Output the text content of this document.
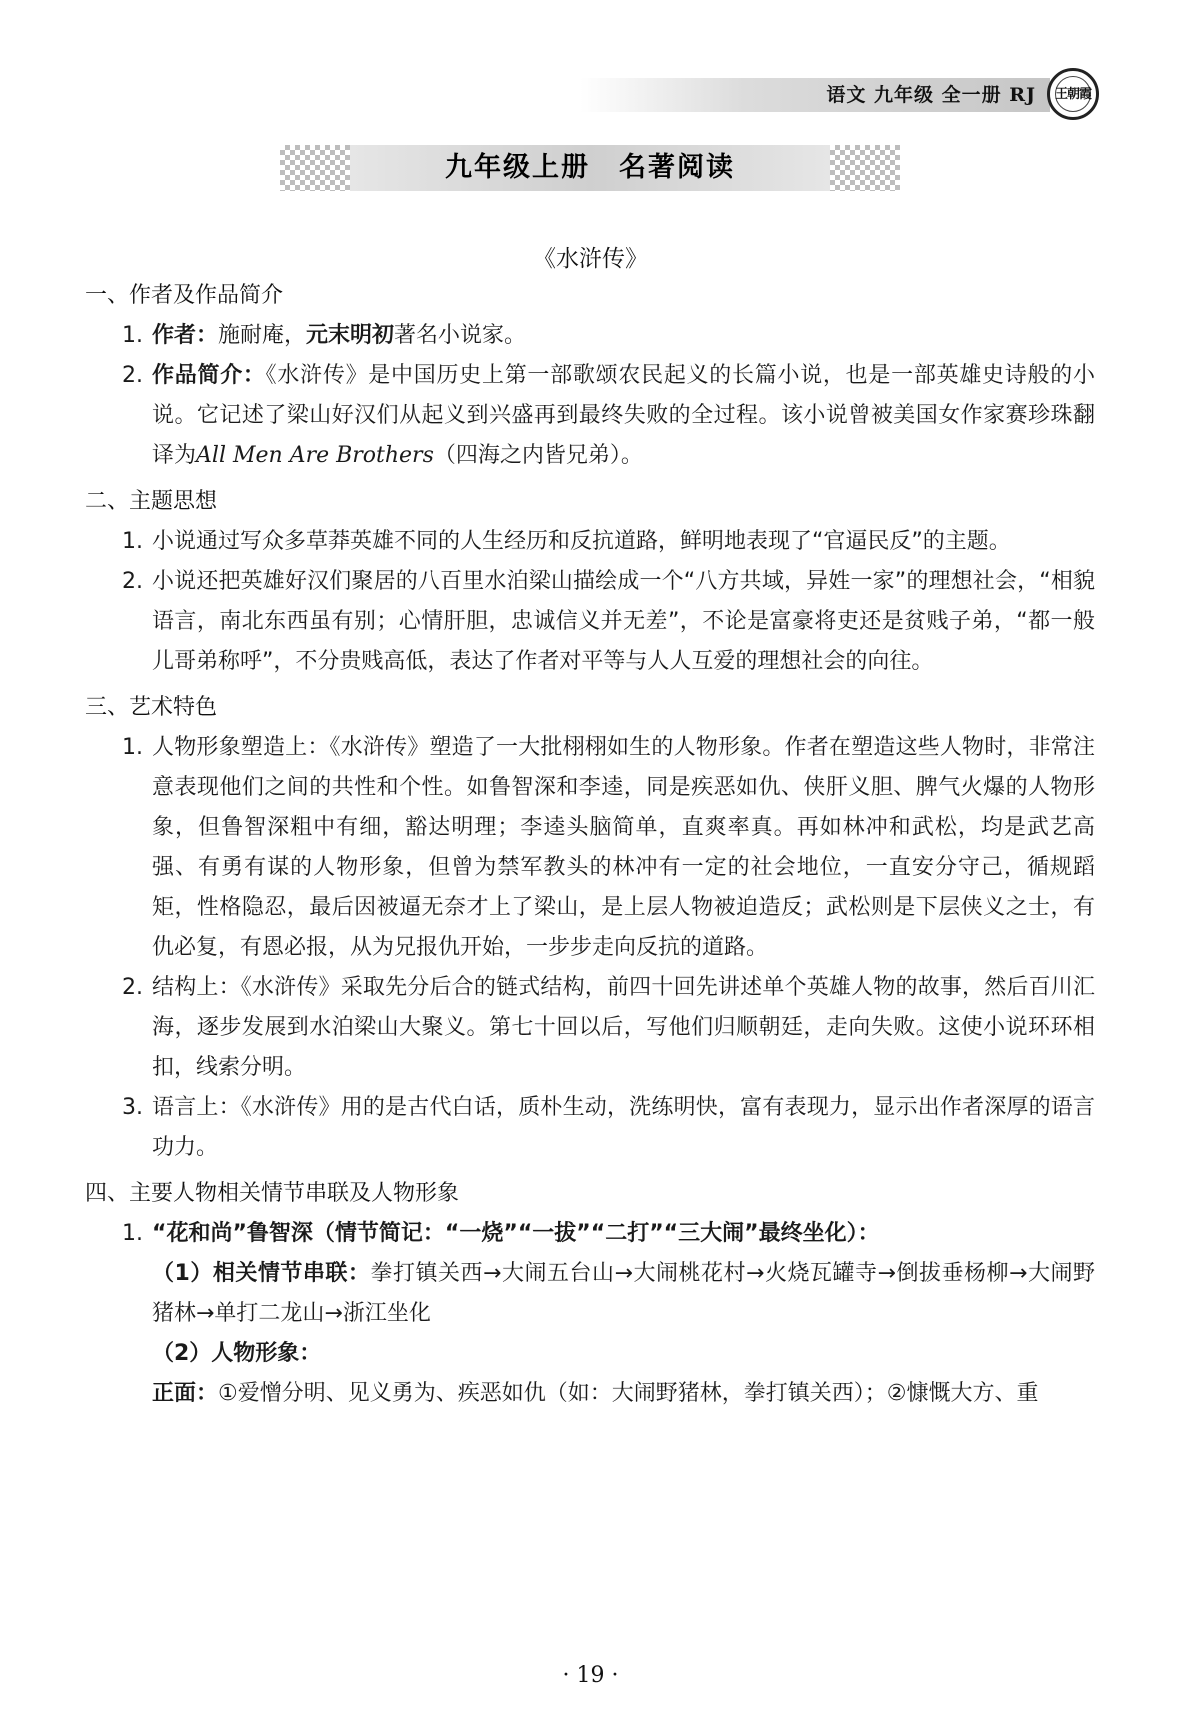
语文 九年级 全一册 RJ	王朝霞
九年级上册　名著阅读
《水浒传》
一、作者及作品简介
1. 作者：施耐庵，元末明初著名小说家。
2. 作品简介：《水浒传》是中国历史上第一部歌颂农民起义的长篇小说，也是一部英雄史诗般的小说。它记述了梁山好汉们从起义到兴盛再到最终失败的全过程。该小说曾被美国女作家赛珍珠翻译为All Men Are Brothers（四海之内皆兄弟）。
二、主题思想
1. 小说通过写众多草莽英雄不同的人生经历和反抗道路，鲜明地表现了“官逼民反”的主题。
2. 小说还把英雄好汉们聚居的八百里水泊梁山描绘成一个“八方共域，异姓一家”的理想社会，“相貌语言，南北东西虽有别；心情肝胆，忠诚信义并无差”，不论是富豪将吏还是贫贱子弟，“都一般儿哥弟称呼”，不分贵贱高低，表达了作者对平等与人人互爱的理想社会的向往。
三、艺术特色
1. 人物形象塑造上：《水浒传》塑造了一大批栩栩如生的人物形象。作者在塑造这些人物时，非常注意表现他们之间的共性和个性。如鲁智深和李逵，同是疾恶如仇、侠肝义胆、脾气火爆的人物形象，但鲁智深粗中有细，豁达明理；李逵头脑简单，直爽率真。再如林冲和武松，均是武艺高强、有勇有谋的人物形象，但曾为禁军教头的林冲有一定的社会地位，一直安分守己，循规蹈矩，性格隐忍，最后因被逼无奈才上了梁山，是上层人物被迫造反；武松则是下层侠义之士，有仇必复，有恩必报，从为兄报仇开始，一步步走向反抗的道路。
2. 结构上：《水浒传》采取先分后合的链式结构，前四十回先讲述单个英雄人物的故事，然后百川汇海，逐步发展到水泊梁山大聚义。第七十回以后，写他们归顺朝廷，走向失败。这使小说环环相扣，线索分明。
3. 语言上：《水浒传》用的是古代白话，质朴生动，洗练明快，富有表现力，显示出作者深厚的语言功力。
四、主要人物相关情节串联及人物形象
1. “花和尚”鲁智深（情节简记：“一烧”“一拔”“二打”“三大闹”最终坐化）：
（1）相关情节串联：拳打镇关西→大闹五台山→大闹桃花村→火烧瓦罐寺→倒拔垂杨柳→大闹野猪林→单打二龙山→浙江坐化
（2）人物形象：
正面：①爱憎分明、见义勇为、疾恶如仇（如：大闹野猪林，拳打镇关西）；②慷慨大方、重
· 19 ·
